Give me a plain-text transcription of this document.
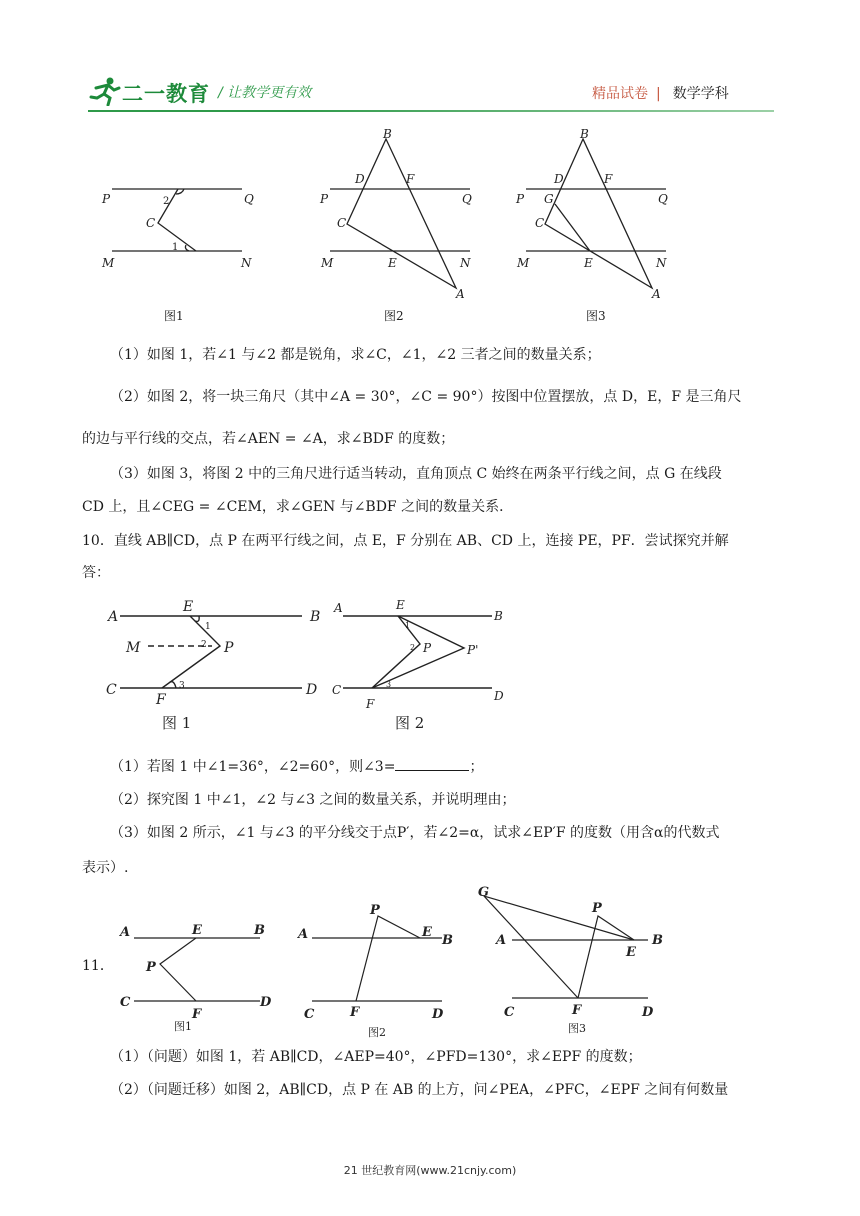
二一教育 / 让教学更有效	精品试卷 | 数学学科
P	Q
M	N
C
2
1
B
D	F
P	Q
C
M	E	N
A
B
D	F
P G	Q
C
M	E	N
A
图1	图2	图3
（1）如图 1，若∠1 与∠2 都是锐角，求∠C，∠1，∠2 三者之间的数量关系；
（2）如图 2，将一块三角尺（其中∠A = 30°，∠C = 90°）按图中位置摆放，点 D，E，F 是三角尺
的边与平行线的交点，若∠AEN = ∠A，求∠BDF 的度数；
（3）如图 3，将图 2 中的三角尺进行适当转动，直角顶点 C 始终在两条平行线之间，点 G 在线段
CD 上，且∠CEG = ∠CEM，求∠GEN 与∠BDF 之间的数量关系．
10．直线 AB∥CD，点 P 在两平行线之间，点 E，F 分别在 AB、CD 上，连接 PE，PF．尝试探究并解
答：
A	B
E
M	P
C	D
F
1
2
3
A
B
E
P	P'
C	D
F
1
2
3
图 1	图 2
（1）若图 1 中∠1=36°，∠2=60°，则∠3=	；
（2）探究图 1 中∠1，∠2 与∠3 之间的数量关系，并说明理由；
（3）如图 2 所示，∠1 与∠3 的平分线交于点P′，若∠2=α，试求∠EP′F 的度数（用含α的代数式
表示）.
11．
A	E	B
P
C
F
D
A
P
E
B
C	F	D
G
P
A	B
E
C	F	D
图1	图2	图3
（1）（问题）如图 1，若 AB∥CD，∠AEP=40°，∠PFD=130°，求∠EPF 的度数；
（2）（问题迁移）如图 2，AB∥CD，点 P 在 AB 的上方，问∠PEA，∠PFC，∠EPF 之间有何数量
21 世纪教育网(www.21cnjy.com)
